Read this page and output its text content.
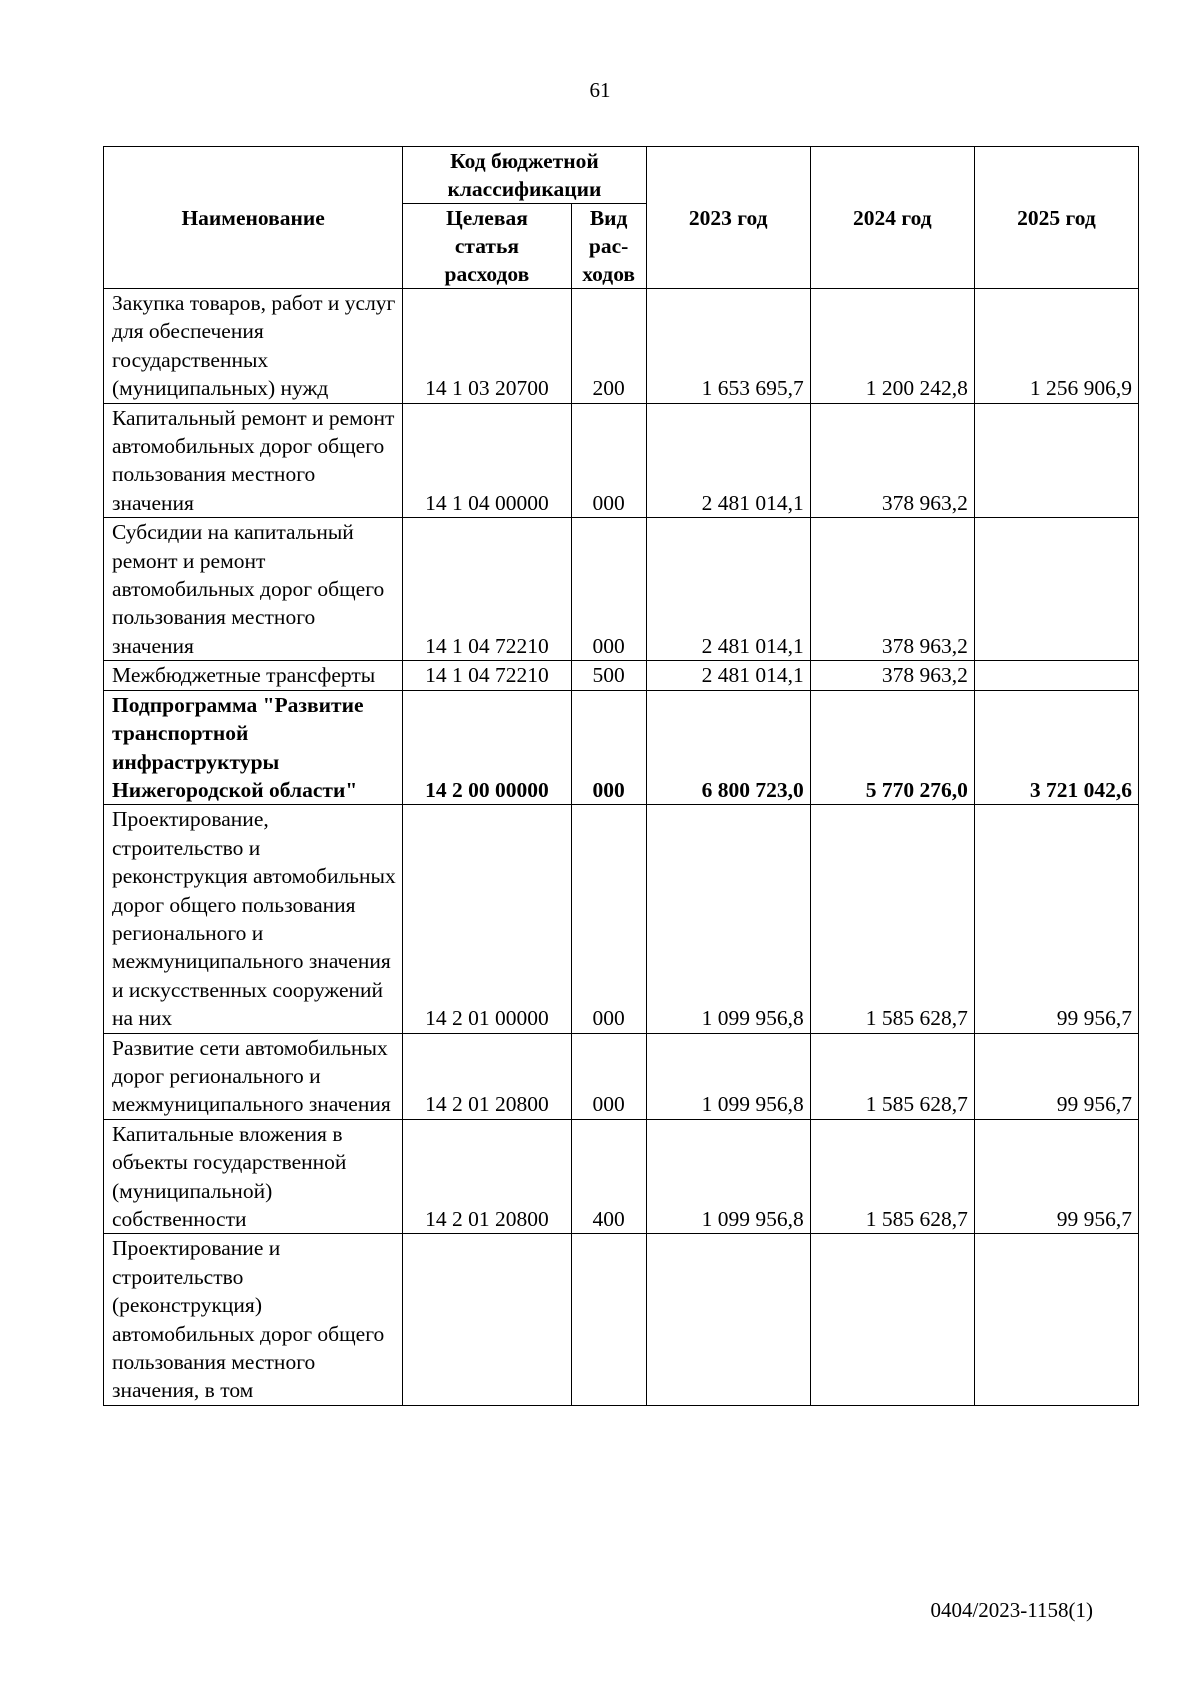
61
Наименование	Код бюджетной классификации		2023 год	2024 год	2025 год
	Целевая статья расходов	Вид рас-ходов			
Закупка товаров, работ и услуг для обеспечения государственных (муниципальных) нужд	14 1 03 20700	200	1 653 695,7	1 200 242,8	1 256 906,9
Капитальный ремонт и ремонт автомобильных дорог общего пользования местного значения	14 1 04 00000	000	2 481 014,1	378 963,2	
Субсидии на капитальный ремонт и ремонт автомобильных дорог общего пользования местного значения	14 1 04 72210	000	2 481 014,1	378 963,2	
Межбюджетные трансферты	14 1 04 72210	500	2 481 014,1	378 963,2	
Подпрограмма "Развитие транспортной инфраструктуры Нижегородской области"	14 2 00 00000	000	6 800 723,0	5 770 276,0	3 721 042,6
Проектирование, строительство и реконструкция автомобильных дорог общего пользования регионального и межмуниципального значения и искусственных сооружений на них	14 2 01 00000	000	1 099 956,8	1 585 628,7	99 956,7
Развитие сети автомобильных дорог регионального и межмуниципального значения	14 2 01 20800	000	1 099 956,8	1 585 628,7	99 956,7
Капитальные вложения в объекты государственной (муниципальной) собственности	14 2 01 20800	400	1 099 956,8	1 585 628,7	99 956,7
Проектирование и строительство (реконструкция) автомобильных дорог общего пользования местного значения, в том					
0404/2023-1158(1)
